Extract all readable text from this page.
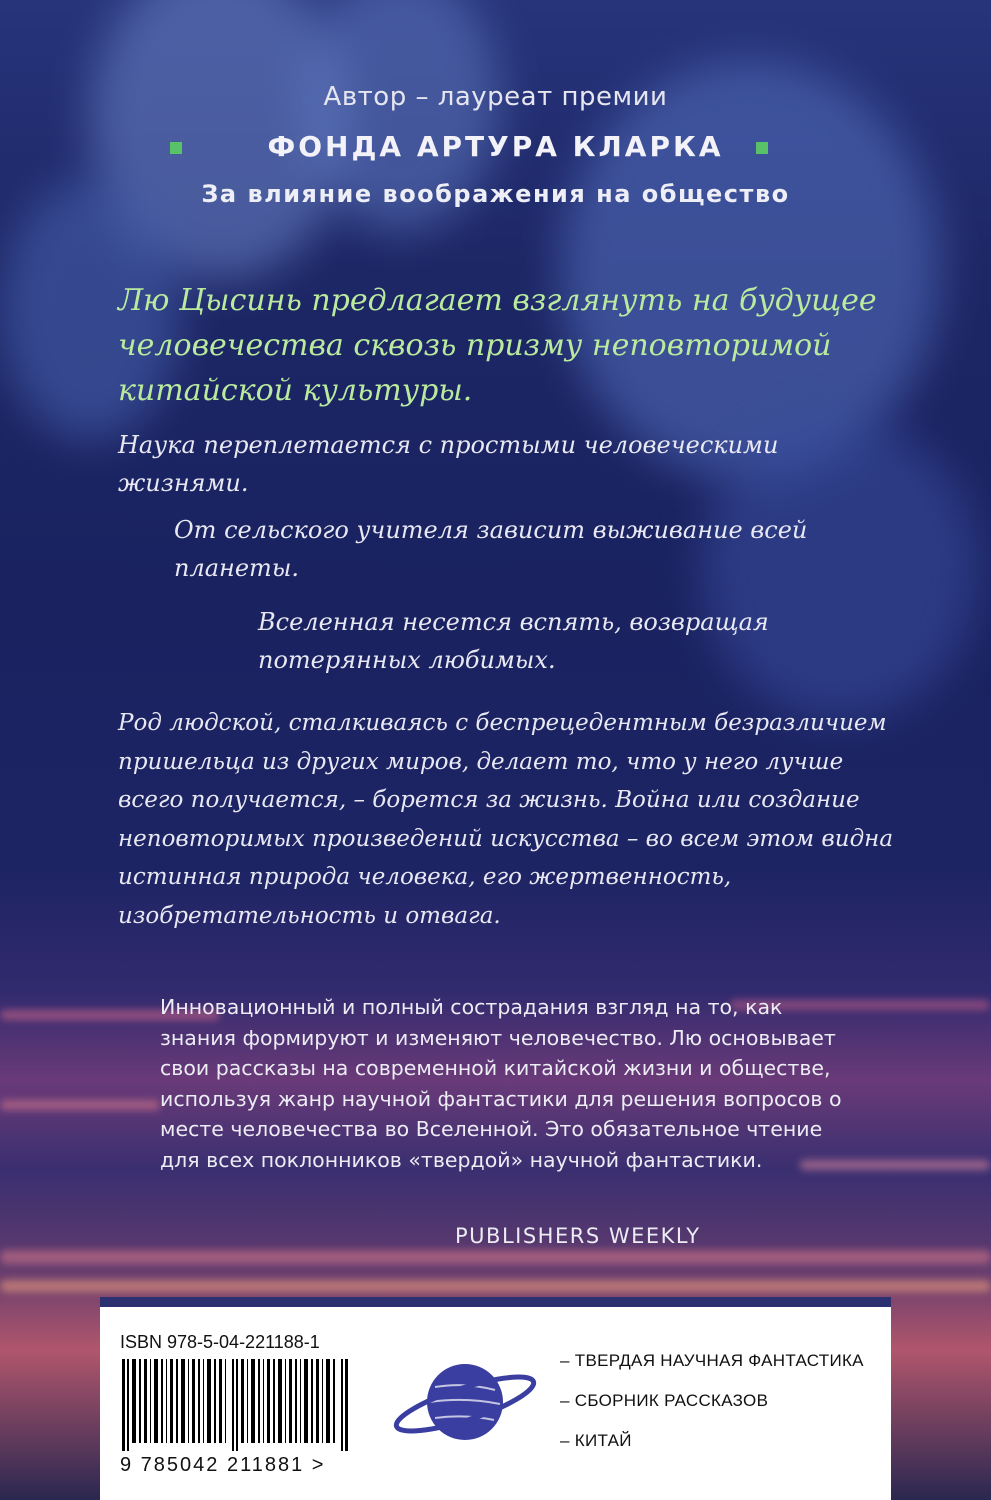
Автор – лауреат премии

ФОНДА АРТУРА КЛАРКА

За влияние воображения на общество

Лю Цысинь предлагает взглянуть на будущее человечества сквозь призму неповторимой китайской культуры.

Наука переплетается с простыми человеческими жизнями.

От сельского учителя зависит выживание всей планеты.

Вселенная несется вспять, возвращая потерянных любимых.

Род людской, сталкиваясь с беспрецедентным безразличием пришельца из других миров, делает то, что у него лучше всего получается, – борется за жизнь. Война или создание неповторимых произведений искусства – во всем этом видна истинная природа человека, его жертвенность, изобретательность и отвага.

Инновационный и полный сострадания взгляд на то, как знания формируют и изменяют человечество. Лю основывает свои рассказы на современной китайской жизни и обществе, используя жанр научной фантастики для решения вопросов о месте человечества во Вселенной. Это обязательное чтение для всех поклонников «твердой» научной фантастики.

PUBLISHERS WEEKLY

ISBN 978-5-04-221188-1
9 785042 211881 >
– ТВЕРДАЯ НАУЧНАЯ ФАНТАСТИКА
– СБОРНИК РАССКАЗОВ
– КИТАЙ
